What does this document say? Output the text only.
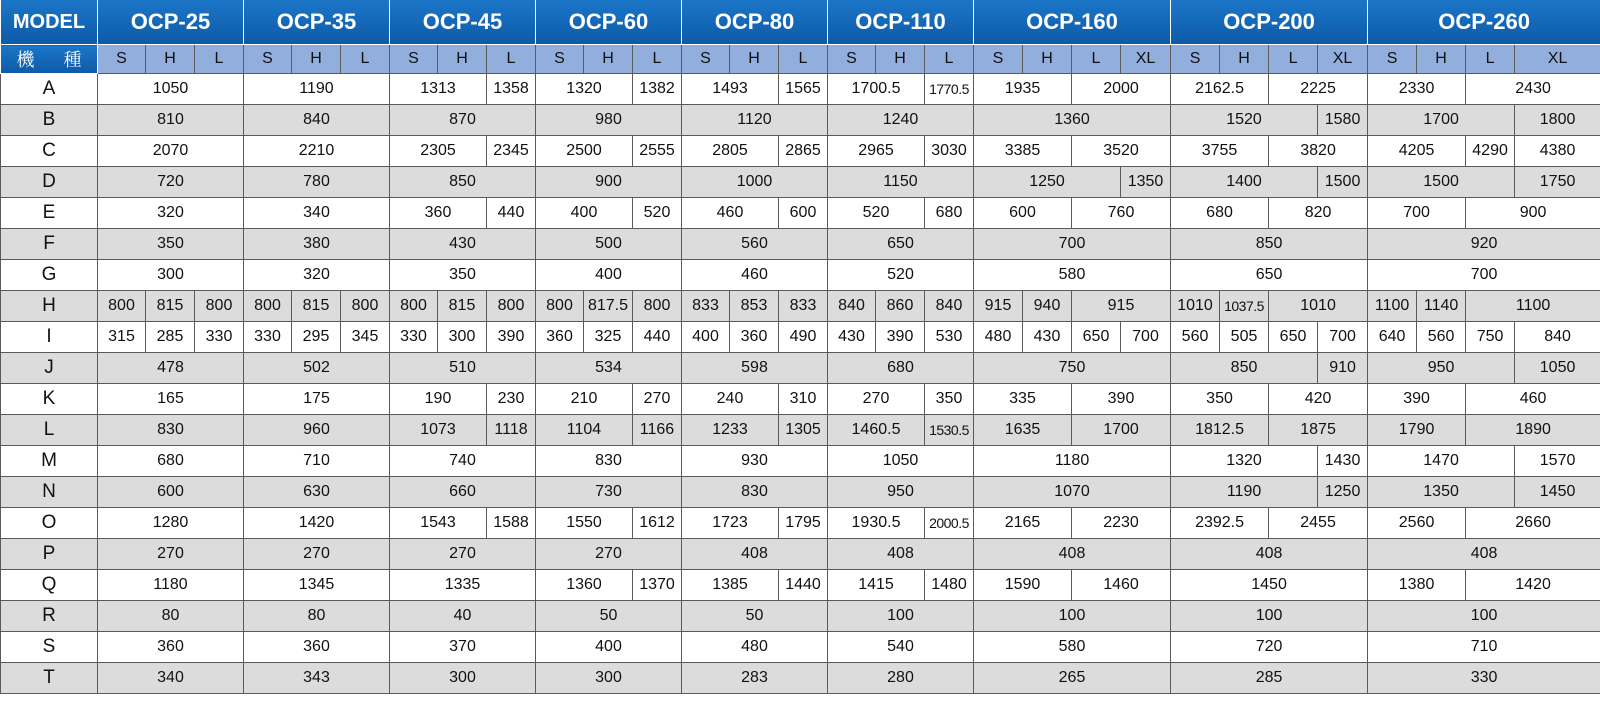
MODEL	OCP-25			OCP-35			OCP-45			OCP-60			OCP-80			OCP-110			OCP-160				OCP-200				OCP-260			
機 種	S	H	L	S	H	L	S	H	L	S	H	L	S	H	L	S	H	L	S	H	L	XL	S	H	L	XL	S	H	L	XL
A	1050			1190			1313		1358	1320		1382	1493		1565	1700.5		1770.5	1935		2000		2162.5		2225		2330		2430	
B	810			840			870			980			1120			1240			1360				1520			1580	1700			1800
C	2070			2210			2305		2345	2500		2555	2805		2865	2965		3030	3385		3520		3755		3820		4205		4290	4380
D	720			780			850			900			1000			1150			1250			1350	1400			1500	1500			1750
E	320			340			360		440	400		520	460		600	520		680	600		760		680		820		700		900	
F	350			380			430			500			560			650			700				850				920			
G	300			320			350			400			460			520			580				650				700			
H	800	815	800	800	815	800	800	815	800	800	817.5	800	833	853	833	840	860	840	915	940	915		1010	1037.5	1010		1100	1140	1100	
I	315	285	330	330	295	345	330	300	390	360	325	440	400	360	490	430	390	530	480	430	650	700	560	505	650	700	640	560	750	840
J	478			502			510			534			598			680			750				850			910	950			1050
K	165			175			190		230	210		270	240		310	270		350	335		390		350		420		390		460	
L	830			960			1073		1118	1104		1166	1233		1305	1460.5		1530.5	1635		1700		1812.5		1875		1790		1890	
M	680			710			740			830			930			1050			1180				1320			1430	1470			1570
N	600			630			660			730			830			950			1070				1190			1250	1350			1450
O	1280			1420			1543		1588	1550		1612	1723		1795	1930.5		2000.5	2165		2230		2392.5		2455		2560		2660	
P	270			270			270			270			408			408			408				408				408			
Q	1180			1345			1335			1360		1370	1385		1440	1415		1480	1590		1460		1450				1380		1420	
R	80			80			40			50			50			100			100				100				100			
S	360			360			370			400			480			540			580				720				710			
T	340			343			300			300			283			280			265				285				330			
